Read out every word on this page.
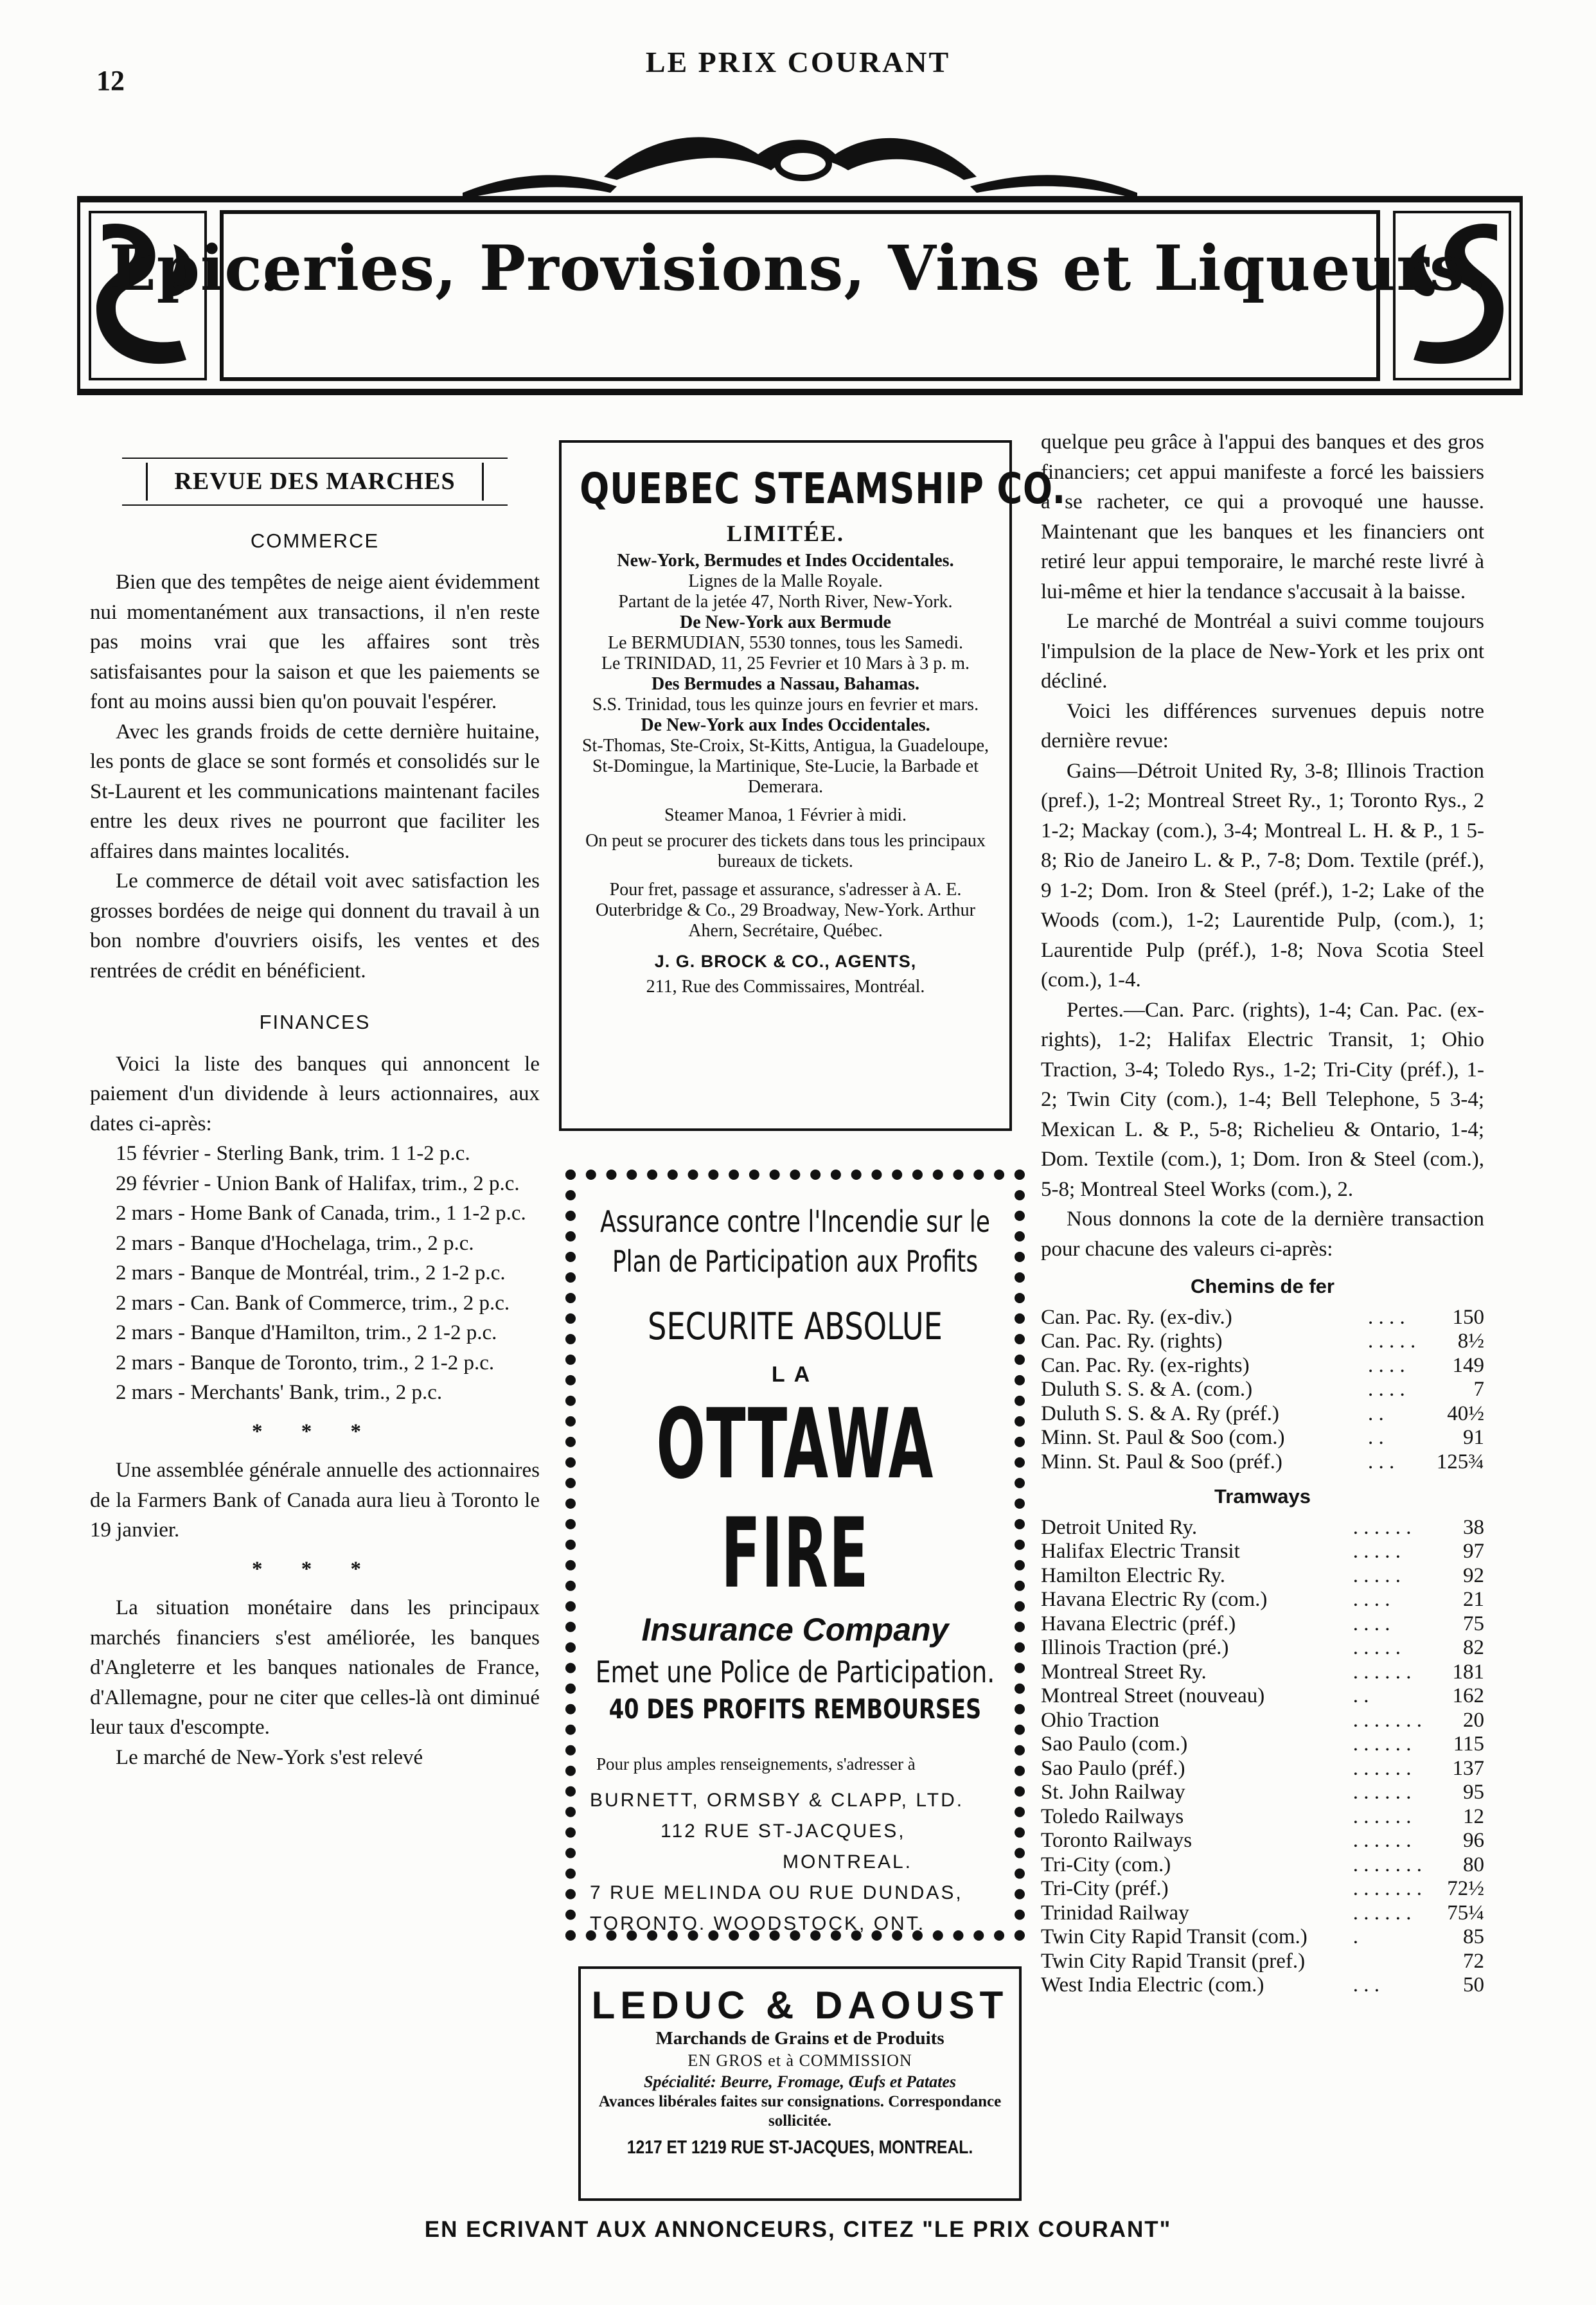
12
LE PRIX COURANT
Epiceries, Provisions, Vins et Liqueurs.
REVUE DES MARCHES
COMMERCE

Bien que des tempêtes de neige aient évidemment nui momentanément aux transactions, il n'en reste pas moins vrai que les affaires sont très satisfaisantes pour la saison et que les paiements se font au moins aussi bien qu'on pouvait l'espérer.

Avec les grands froids de cette dernière huitaine, les ponts de glace se sont formés et consolidés sur le St-Laurent et les communications maintenant faciles entre les deux rives ne pourront que faciliter les affaires dans maintes localités.

Le commerce de détail voit avec satisfaction les grosses bordées de neige qui donnent du travail à un bon nombre d'ouvriers oisifs, les ventes et des rentrées de crédit en bénéficient.

FINANCES

Voici la liste des banques qui annoncent le paiement d'un dividende à leurs actionnaires, aux dates ci-après:

15 février - Sterling Bank, trim. 1 1-2 p.c.

29 février - Union Bank of Halifax, trim., 2 p.c.

2 mars - Home Bank of Canada, trim., 1 1-2 p.c.

2 mars - Banque d'Hochelaga, trim., 2 p.c.

2 mars - Banque de Montréal, trim., 2 1-2 p.c.

2 mars - Can. Bank of Commerce, trim., 2 p.c.

2 mars - Banque d'Hamilton, trim., 2 1-2 p.c.

2 mars - Banque de Toronto, trim., 2 1-2 p.c.

2 mars - Merchants' Bank, trim., 2 p.c.

* * *

Une assemblée générale annuelle des actionnaires de la Farmers Bank of Canada aura lieu à Toronto le 19 janvier.

* * *

La situation monétaire dans les principaux marchés financiers s'est améliorée, les banques d'Angleterre et les banques nationales de France, d'Allemagne, pour ne citer que celles-là ont diminué leur taux d'escompte.

Le marché de New-York s'est relevé

QUEBEC STEAMSHIP CO.
LIMITÉE.
New-York, Bermudes et Indes Occidentales.
Lignes de la Malle Royale.
Partant de la jetée 47, North River, New-York.
De New-York aux Bermude
Le BERMUDIAN, 5530 tonnes, tous les Samedi.
Le TRINIDAD, 11, 25 Fevrier et 10 Mars à 3 p. m.
Des Bermudes a Nassau, Bahamas.
S.S. Trinidad, tous les quinze jours en fevrier et mars.
De New-York aux Indes Occidentales.
St-Thomas, Ste-Croix, St-Kitts, Antigua, la Guadeloupe, St-Domingue, la Martinique, Ste-Lucie, la Barbade et Demerara.
Steamer Manoa, 1 Février à midi.
On peut se procurer des tickets dans tous les principaux bureaux de tickets.
Pour fret, passage et assurance, s'adresser à A. E. Outerbridge & Co., 29 Broadway, New-York. Arthur Ahern, Secrétaire, Québec.
J. G. BROCK & CO., AGENTS,
211, Rue des Commissaires, Montréal.
Assurance contre l'Incendie sur le Plan de Participation aux Profits
SECURITE ABSOLUE
LA
OTTAWA FIRE
Insurance Company
Emet une Police de Participation.
40 DES PROFITS REMBOURSES
Pour plus amples renseignements, s'adresser à
BURNETT, ORMSBY & CLAPP, LTD.
112 RUE ST-JACQUES,
MONTREAL.
7 RUE MELINDA OU RUE DUNDAS,
TORONTO. WOODSTOCK, ONT.
LEDUC & DAOUST
Marchands de Grains et de Produits
EN GROS et à COMMISSION
Spécialité: Beurre, Fromage, Œufs et Patates
Avances libérales faites sur consignations. Correspondance sollicitée.
1217 ET 1219 RUE ST-JACQUES, MONTREAL.

quelque peu grâce à l'appui des banques et des gros financiers; cet appui manifeste a forcé les baissiers à se racheter, ce qui a provoqué une hausse. Maintenant que les banques et les financiers ont retiré leur appui temporaire, le marché reste livré à lui-même et hier la tendance s'accusait à la baisse.

Le marché de Montréal a suivi comme toujours l'impulsion de la place de New-York et les prix ont décliné.

Voici les différences survenues depuis notre dernière revue:

Gains—Détroit United Ry, 3-8; Illinois Traction (pref.), 1-2; Montreal Street Ry., 1; Toronto Rys., 2 1-2; Mackay (com.), 3-4; Montreal L. H. & P., 1 5-8; Rio de Janeiro L. & P., 7-8; Dom. Textile (préf.), 9 1-2; Dom. Iron & Steel (préf.), 1-2; Lake of the Woods (com.), 1-2; Laurentide Pulp, (com.), 1; Laurentide Pulp (préf.), 1-8; Nova Scotia Steel (com.), 1-4.

Pertes.—Can. Parc. (rights), 1-4; Can. Pac. (ex-rights), 1-2; Halifax Electric Transit, 1; Ohio Traction, 3-4; Toledo Rys., 1-2; Tri-City (préf.), 1-2; Twin City (com.), 1-4; Bell Telephone, 5 3-4; Mexican L. & P., 5-8; Richelieu & Ontario, 1-4; Dom. Textile (com.), 1; Dom. Iron & Steel (com.), 5-8; Montreal Steel Works (com.), 2.

Nous donnons la cote de la dernière transaction pour chacune des valeurs ci-après:

Chemins de fer
Can. Pac. Ry. (ex-div.)	. . . .	150
Can. Pac. Ry. (rights)	. . . . .	8½
Can. Pac. Ry. (ex-rights)	. . . .	149
Duluth S. S. & A. (com.)	. . . .	7
Duluth S. S. & A. Ry (préf.)	. .	40½
Minn. St. Paul & Soo (com.)	. .	91
Minn. St. Paul & Soo (préf.)	. . .	125¾
Tramways
Detroit United Ry.	. . . . . .	38
Halifax Electric Transit	. . . . .	97
Hamilton Electric Ry.	. . . . .	92
Havana Electric Ry (com.)	. . . .	21
Havana Electric (préf.)	. . . .	75
Illinois Traction (pré.)	. . . . .	82
Montreal Street Ry.	. . . . . .	181
Montreal Street (nouveau)	. .	162
Ohio Traction	. . . . . . .	20
Sao Paulo (com.)	. . . . . .	115
Sao Paulo (préf.)	. . . . . .	137
St. John Railway	. . . . . .	95
Toledo Railways	. . . . . .	12
Toronto Railways	. . . . . .	96
Tri-City (com.)	. . . . . . .	80
Tri-City (préf.)	. . . . . . .	72½
Trinidad Railway	. . . . . .	75¼
Twin City Rapid Transit (com.)	.	85
Twin City Rapid Transit (pref.)		72
West India Electric (com.)	. . .	50
EN ECRIVANT AUX ANNONCEURS, CITEZ "LE PRIX COURANT"
